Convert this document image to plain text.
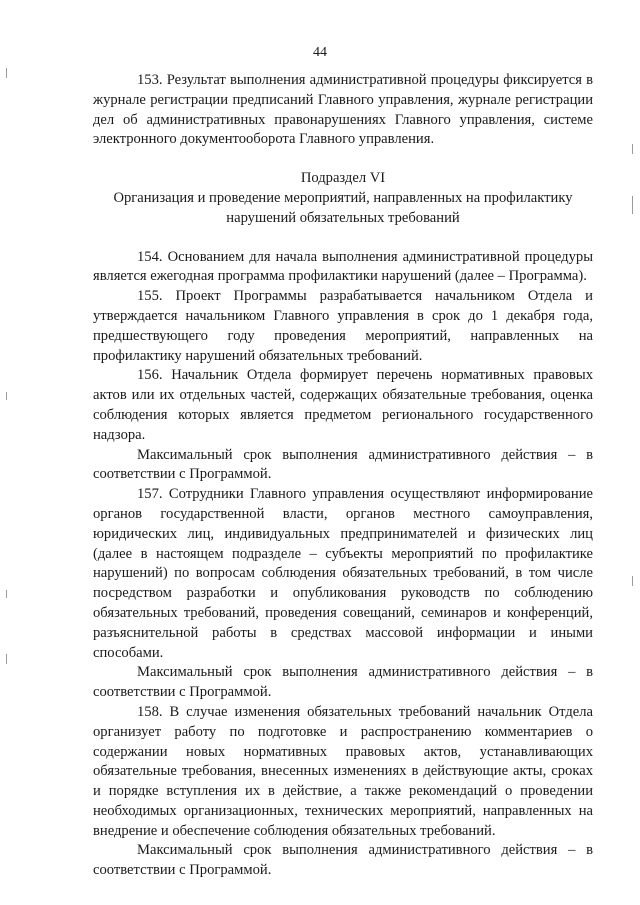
44

153. Результат выполнения административной процедуры фиксируется в журнале регистрации предписаний Главного управления, журнале регистрации дел об административных правонарушениях Главного управления, системе электронного документооборота Главного управления.

Подраздел VI
Организация и проведение мероприятий, направленных на профилактику
нарушений обязательных требований

154. Основанием для начала выполнения административной процедуры является ежегодная программа профилактики нарушений (далее – Программа).

155. Проект Программы разрабатывается начальником Отдела и утверждается начальником Главного управления в срок до 1 декабря года, предшествующего году проведения мероприятий, направленных на профилактику нарушений обязательных требований.

156. Начальник Отдела формирует перечень нормативных правовых актов или их отдельных частей, содержащих обязательные требования, оценка соблюдения которых является предметом регионального государственного надзора.

Максимальный срок выполнения административного действия – в соответствии с Программой.

157. Сотрудники Главного управления осуществляют информирование органов государственной власти, органов местного самоуправления, юридических лиц, индивидуальных предпринимателей и физических лиц (далее в настоящем подразделе – субъекты мероприятий по профилактике нарушений) по вопросам соблюдения обязательных требований, в том числе посредством разработки и опубликования руководств по соблюдению обязательных требований, проведения совещаний, семинаров и конференций, разъяснительной работы в средствах массовой информации и иными способами.

Максимальный срок выполнения административного действия – в соответствии с Программой.

158. В случае изменения обязательных требований начальник Отдела организует работу по подготовке и распространению комментариев о содержании новых нормативных правовых актов, устанавливающих обязательные требования, внесенных изменениях в действующие акты, сроках и порядке вступления их в действие, а также рекомендаций о проведении необходимых организационных, технических мероприятий, направленных на внедрение и обеспечение соблюдения обязательных требований.

Максимальный срок выполнения административного действия – в соответствии с Программой.
